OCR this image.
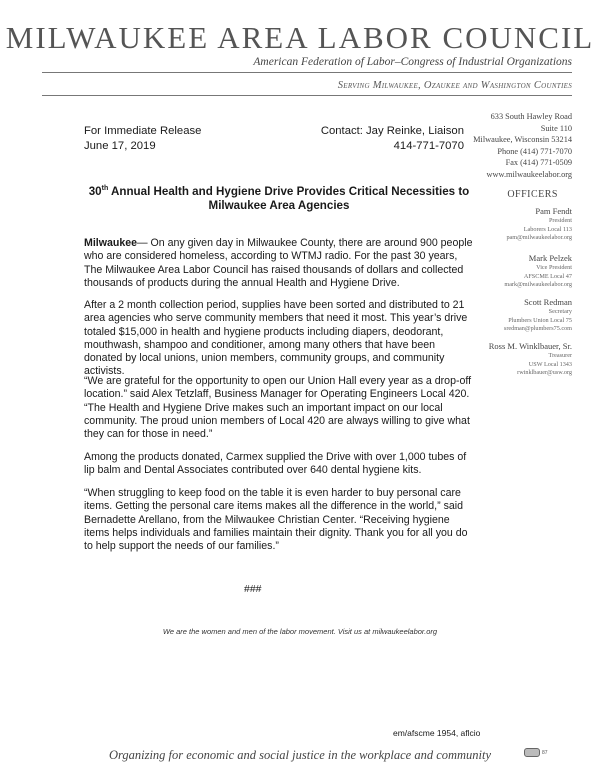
MILWAUKEE AREA LABOR COUNCIL
American Federation of Labor–Congress of Industrial Organizations
Serving Milwaukee, Ozaukee and Washington Counties
For Immediate Release
June 17, 2019
Contact: Jay Reinke, Liaison
414-771-7070
633 South Hawley Road
Suite 110
Milwaukee, Wisconsin 53214
Phone (414) 771-7070
Fax (414) 771-0509
www.milwaukeelabor.org
OFFICERS
Pam Fendt
President
Laborers Local 113
pam@milwaukeelabor.org
Mark Pelzek
Vice President
AFSCME Local 47
mark@milwaukeelabor.org
Scott Redman
Secretary
Plumbers Union Local 75
sredman@plumbers75.com
Ross M. Winklbauer, Sr.
Treasurer
USW Local 1343
rwinklbauer@usw.org
30th Annual Health and Hygiene Drive Provides Critical Necessities to
Milwaukee Area Agencies
Milwaukee— On any given day in Milwaukee County, there are around 900 people who are considered homeless, according to WTMJ radio. For the past 30 years, The Milwaukee Area Labor Council has raised thousands of dollars and collected thousands of products during the annual Health and Hygiene Drive.
After a 2 month collection period, supplies have been sorted and distributed to 21 area agencies who serve community members that need it most. This year’s drive totaled $15,000 in health and hygiene products including diapers, deodorant, mouthwash, shampoo and conditioner, among many others that have been donated by local unions, union members, community groups, and community activists.
“We are grateful for the opportunity to open our Union Hall every year as a drop-off location.” said Alex Tetzlaff, Business Manager for Operating Engineers Local 420. “The Health and Hygiene Drive makes such an important impact on our local community. The proud union members of Local 420 are always willing to give what they can for those in need.”
Among the products donated, Carmex supplied the Drive with over 1,000 tubes of lip balm and Dental Associates contributed over 640 dental hygiene kits.
“When struggling to keep food on the table it is even harder to buy personal care items. Getting the personal care items makes all the difference in the world,” said Bernadette Arellano, from the Milwaukee Christian Center. “Receiving hygiene items helps individuals and families maintain their dignity. Thank you for all you do to help support the needs of our families.”
###
We are the women and men of the labor movement. Visit us at milwaukeelabor.org
em/afscme 1954, aflcio
Organizing for economic and social justice in the workplace and community	87
